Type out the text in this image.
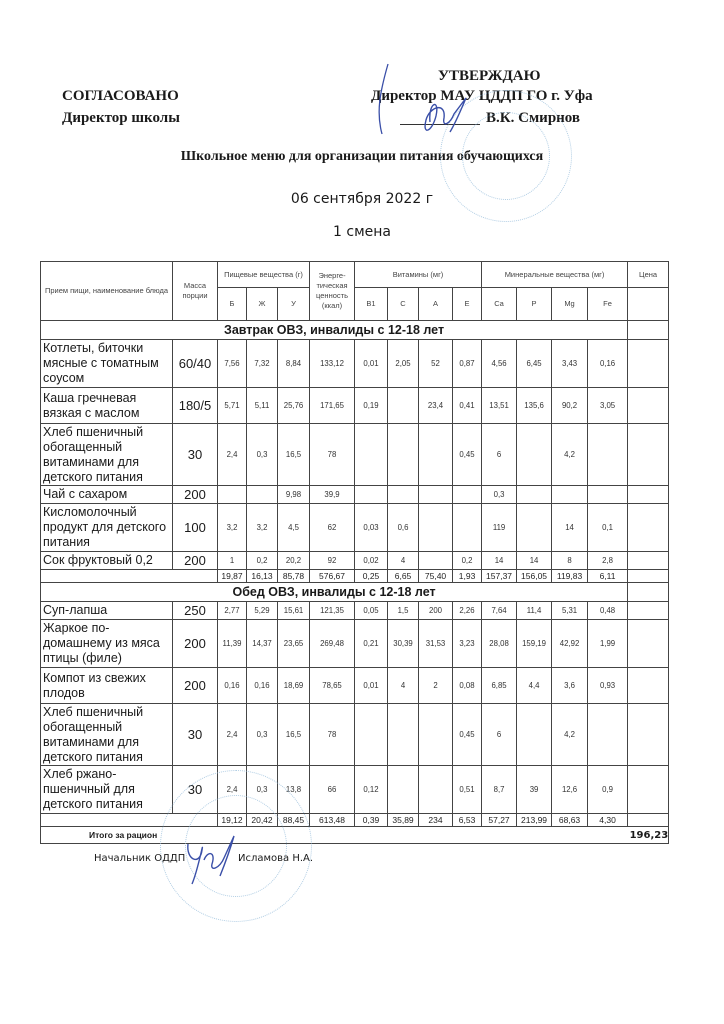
СОГЛАСОВАНО
Директор школы
УТВЕРЖДАЮ
Директор МАУ ЦДДП ГО г. Уфа
В.К. Смирнов
Школьное меню для организации питания обучающихся
06 сентября 2022 г
1 смена
Прием пищи, наименование блюда	Масса порции	Пищевые вещества (г)			Энерге-тическая ценность (ккал)	Витамины (мг)				Минеральные вещества (мг)				Цена
		Б	Ж	У		B1	C	A	E	Ca	P	Mg	Fe	
Завтрак ОВЗ, инвалиды с 12-18 лет														
Котлеты, биточки мясные с томатным соусом	60/40	7,56	7,32	8,84	133,12	0,01	2,05	52	0,87	4,56	6,45	3,43	0,16	
Каша гречневая вязкая с маслом	180/5	5,71	5,11	25,76	171,65	0,19		23,4	0,41	13,51	135,6	90,2	3,05	
Хлеб пшеничный обогащенный витаминами для детского питания	30	2,4	0,3	16,5	78				0,45	6		4,2		
Чай с сахаром	200			9,98	39,9					0,3				
Кисломолочный продукт для детского питания	100	3,2	3,2	4,5	62	0,03	0,6			119		14	0,1	
Сок фруктовый 0,2	200	1	0,2	20,2	92	0,02	4		0,2	14	14	8	2,8	
		19,87	16,13	85,78	576,67	0,25	6,65	75,40	1,93	157,37	156,05	119,83	6,11	
Обед ОВЗ, инвалиды с 12-18 лет														
Суп-лапша	250	2,77	5,29	15,61	121,35	0,05	1,5	200	2,26	7,64	11,4	5,31	0,48	
Жаркое по-домашнему из мяса птицы (филе)	200	11,39	14,37	23,65	269,48	0,21	30,39	31,53	3,23	28,08	159,19	42,92	1,99	
Компот из свежих плодов	200	0,16	0,16	18,69	78,65	0,01	4	2	0,08	6,85	4,4	3,6	0,93	
Хлеб пшеничный обогащенный витаминами для детского питания	30	2,4	0,3	16,5	78				0,45	6		4,2		
Хлеб ржано-пшеничный для детского питания	30	2,4	0,3	13,8	66	0,12			0,51	8,7	39	12,6	0,9	
		19,12	20,42	88,45	613,48	0,39	35,89	234	6,53	57,27	213,99	68,63	4,30	
Итого за рацион														196,23
Начальник ОДДП	Исламова Н.А.
